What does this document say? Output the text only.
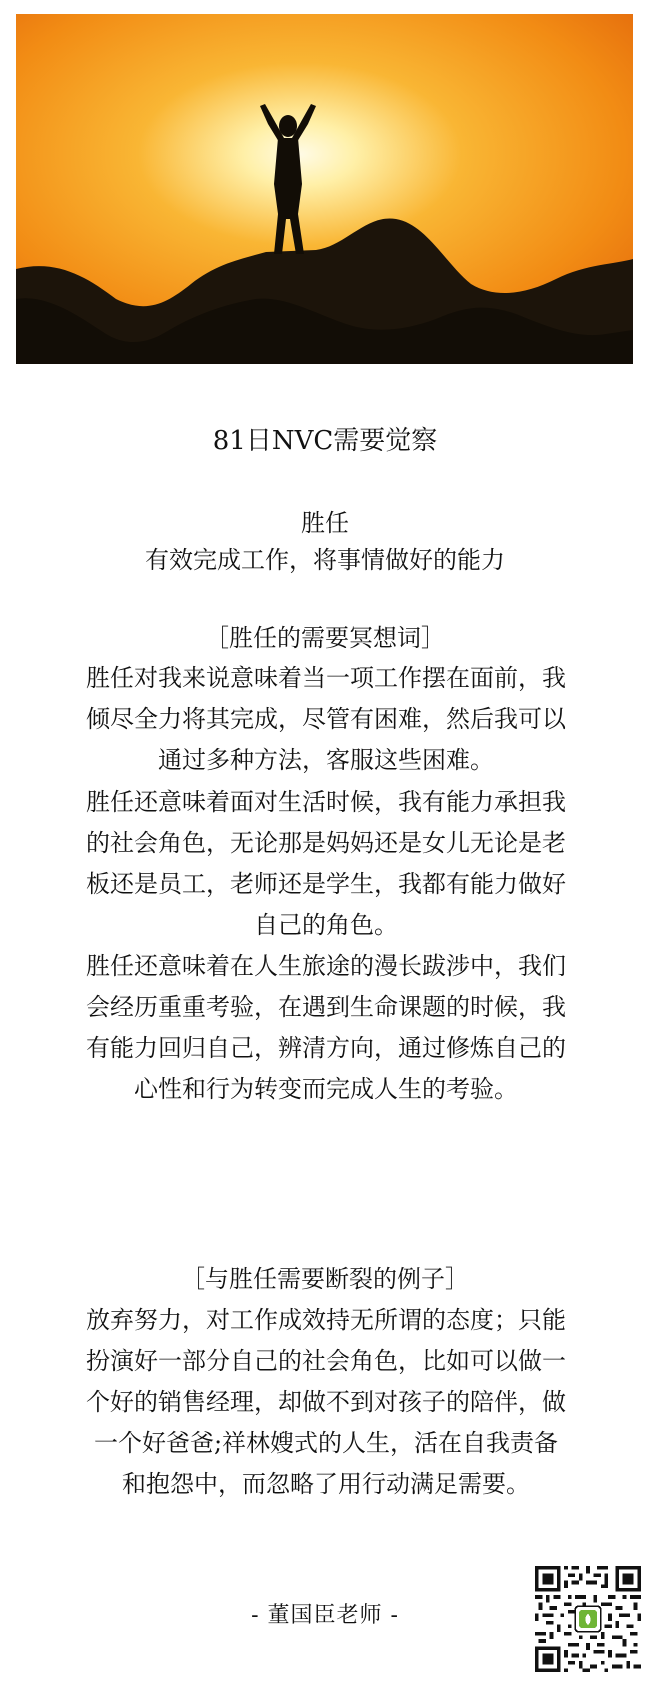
81日NVC需要觉察
胜任
有效完成工作，将事情做好的能力
［胜任的需要冥想词］

胜任对我来说意味着当一项工作摆在面前，我倾尽全力将其完成，尽管有困难，然后我可以通过多种方法，客服这些困难。

胜任还意味着面对生活时候，我有能力承担我的社会角色，无论那是妈妈还是女儿无论是老板还是员工，老师还是学生，我都有能力做好自己的角色。

胜任还意味着在人生旅途的漫长跋涉中，我们会经历重重考验，在遇到生命课题的时候，我有能力回归自己，辨清方向，通过修炼自己的心性和行为转变而完成人生的考验。

［与胜任需要断裂的例子］

放弃努力，对工作成效持无所谓的态度；只能扮演好一部分自己的社会角色，比如可以做一个好的销售经理，却做不到对孩子的陪伴，做一个好爸爸;祥林嫂式的人生，活在自我责备和抱怨中，而忽略了用行动满足需要。

- 董国臣老师 -
